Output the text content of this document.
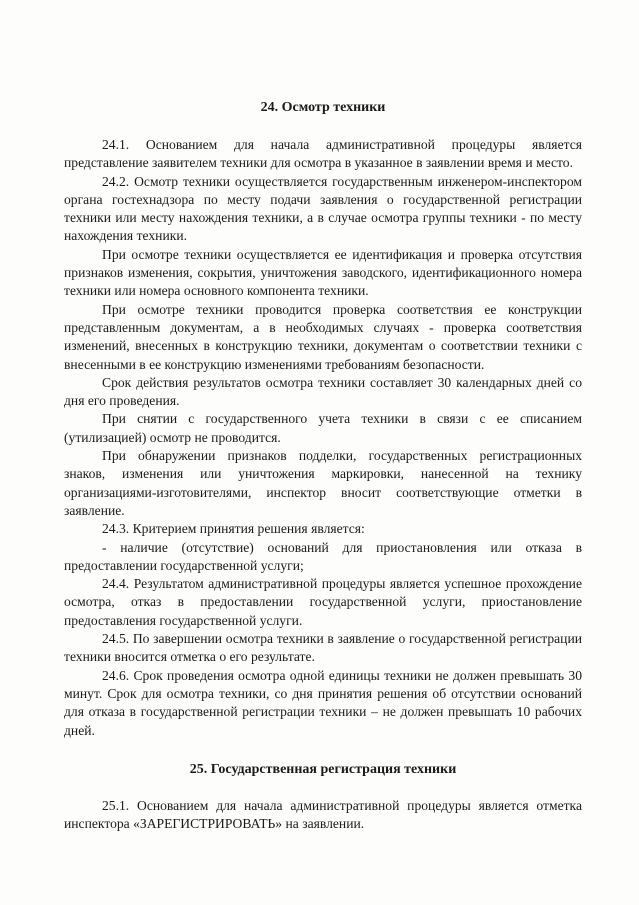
24. Осмотр техники

24.1. Основанием для начала административной процедуры является представление заявителем техники для осмотра в указанное в заявлении время и место.

24.2. Осмотр техники осуществляется государственным инженером-инспектором органа гостехнадзора по месту подачи заявления о государственной регистрации техники или месту нахождения техники, а в случае осмотра группы техники - по месту нахождения техники.

При осмотре техники осуществляется ее идентификация и проверка отсутствия признаков изменения, сокрытия, уничтожения заводского, идентификационного номера техники или номера основного компонента техники.

При осмотре техники проводится проверка соответствия ее конструкции представленным документам, а в необходимых случаях - проверка соответствия изменений, внесенных в конструкцию техники, документам о соответствии техники с внесенными в ее конструкцию изменениями требованиям безопасности.

Срок действия результатов осмотра техники составляет 30 календарных дней со дня его проведения.

При снятии с государственного учета техники в связи с ее списанием (утилизацией) осмотр не проводится.

При обнаружении признаков подделки, государственных регистрационных знаков, изменения или уничтожения маркировки, нанесенной на технику организациями-изготовителями, инспектор вносит соответствующие отметки в заявление.

24.3. Критерием принятия решения является:

- наличие (отсутствие) оснований для приостановления или отказа в предоставлении государственной услуги;

24.4. Результатом административной процедуры является успешное прохождение осмотра, отказ в предоставлении государственной услуги, приостановление предоставления государственной услуги.

24.5. По завершении осмотра техники в заявление о государственной регистрации техники вносится отметка о его результате.

24.6. Срок проведения осмотра одной единицы техники не должен превышать 30 минут. Срок для осмотра техники, со дня принятия решения об отсутствии оснований для отказа в государственной регистрации техники – не должен превышать 10 рабочих дней.

25. Государственная регистрация техники

25.1. Основанием для начала административной процедуры является отметка инспектора «ЗАРЕГИСТРИРОВАТЬ» на заявлении.
